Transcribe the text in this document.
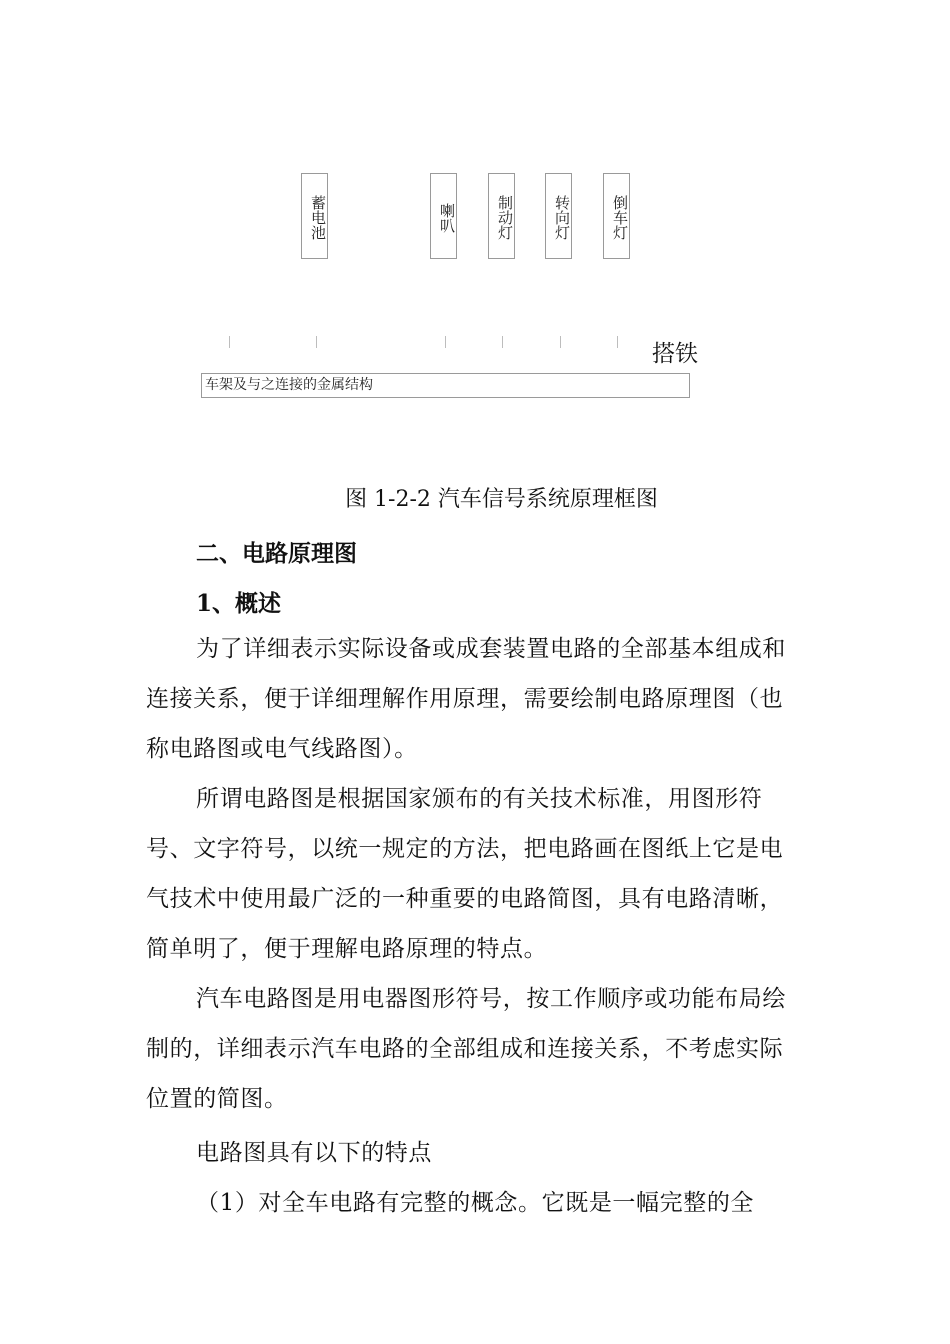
蓄电池	喇叭	制动灯	转向灯	倒车灯
搭铁
车架及与之连接的金属结构
图 1-2-2 汽车信号系统原理框图
二、电路原理图
1、概述
为了详细表示实际设备或成套装置电路的全部基本组成和连接关系，便于详细理解作用原理，需要绘制电路原理图（也称电路图或电气线路图）。
所谓电路图是根据国家颁布的有关技术标准，用图形符号、文字符号，以统一规定的方法，把电路画在图纸上它是电气技术中使用最广泛的一种重要的电路简图，具有电路清晰，简单明了，便于理解电路原理的特点。
汽车电路图是用电器图形符号，按工作顺序或功能布局绘制的，详细表示汽车电路的全部组成和连接关系，不考虑实际位置的简图。
电路图具有以下的特点
（1）对全车电路有完整的概念。它既是一幅完整的全
